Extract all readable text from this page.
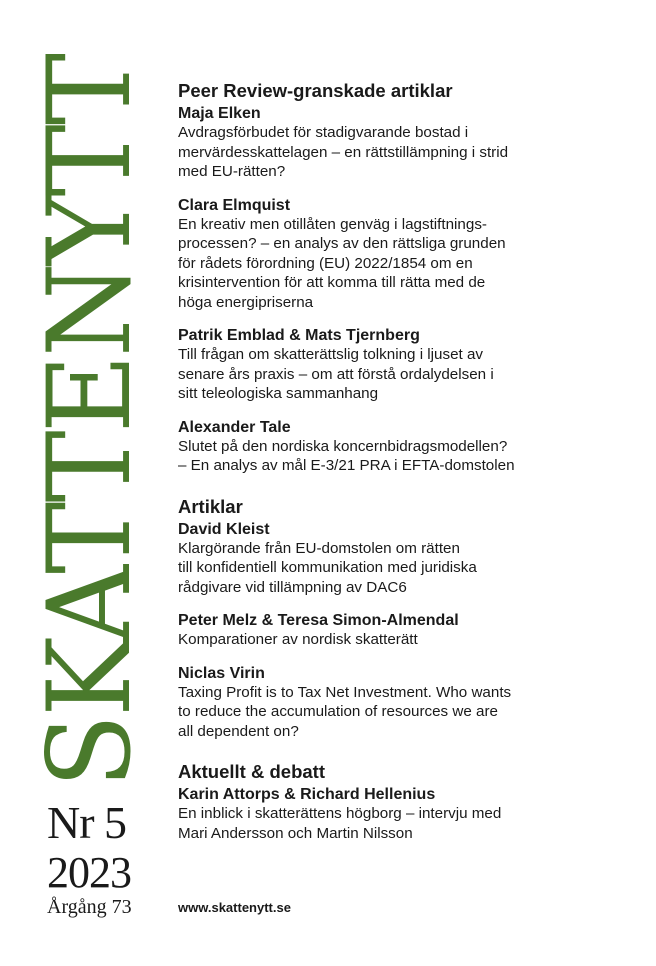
SKATTENYTT
Nr 5
2023
Årgång 73
Peer Review-granskade artiklar
Maja Elken
Avdragsförbudet för stadigvarande bostad i
mervärdesskattelagen – en rättstillämpning i strid
med EU-rätten?
Clara Elmquist
En kreativ men otillåten genväg i lagstiftnings-
processen? – en analys av den rättsliga grunden
för rådets förordning (EU) 2022/1854 om en
krisintervention för att komma till rätta med de
höga energipriserna
Patrik Emblad & Mats Tjernberg
Till frågan om skatterättslig tolkning i ljuset av
senare års praxis – om att förstå ordalydelsen i
sitt teleologiska sammanhang
Alexander Tale
Slutet på den nordiska koncernbidragsmodellen?
– En analys av mål E-3/21 PRA i EFTA-domstolen
Artiklar
David Kleist
Klargörande från EU-domstolen om rätten
till konfidentiell kommunikation med juridiska
rådgivare vid tillämpning av DAC6
Peter Melz & Teresa Simon-Almendal
Komparationer av nordisk skatterätt
Niclas Virin
Taxing Profit is to Tax Net Investment. Who wants
to reduce the accumulation of resources we are
all dependent on?
Aktuellt & debatt
Karin Attorps & Richard Hellenius
En inblick i skatterättens högborg – intervju med
Mari Andersson och Martin Nilsson
www.skattenytt.se
